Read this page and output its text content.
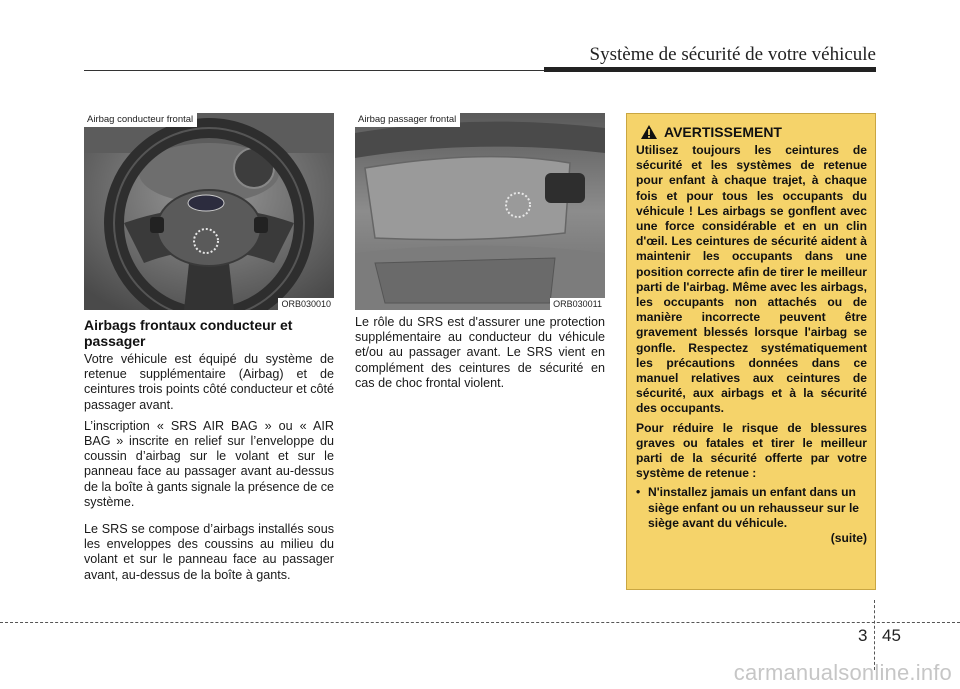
Système de sécurité de votre véhicule
Airbag conducteur frontal
ORB030010
Airbag passager frontal
ORB030011
Airbags frontaux conducteur et passager

Votre véhicule est équipé du système de retenue supplémentaire (Airbag) et de ceintures trois points côté conducteur et côté passager avant.

L’inscription « SRS AIR BAG » ou « AIR BAG » inscrite en relief sur l’enveloppe du coussin d’airbag sur le volant et sur le panneau face au passager avant au-dessus de la boîte à gants signale la présence de ce système.

Le SRS se compose d’airbags installés sous les enveloppes des coussins au milieu du volant et sur le panneau face au passager avant, au-dessus de la boîte à gants.

Le rôle du SRS est d'assurer une protection supplémentaire au conducteur du véhicule et/ou au passager avant. Le SRS vient en complément des ceintures de sécurité en cas de choc frontal violent.

AVERTISSEMENT

Utilisez toujours les ceintures de sécurité et les systèmes de retenue pour enfant à chaque trajet, à chaque fois et pour tous les occupants du véhicule ! Les airbags se gonflent avec une force considérable et en un clin d'œil. Les ceintures de sécurité aident à maintenir les occupants dans une position correcte afin de tirer le meilleur parti de l'airbag. Même avec les airbags, les occupants non attachés ou de manière incorrecte peuvent être gravement blessés lorsque l'airbag se gonfle. Respectez systématiquement les précautions données dans ce manuel relatives aux ceintures de sécurité, aux airbags et à la sécurité des occupants.

Pour réduire le risque de blessures graves ou fatales et tirer le meilleur parti de la sécurité offerte par votre système de retenue :

• N'installez jamais un enfant dans un siège enfant ou un rehausseur sur le siège avant du véhicule.

(suite)

3 45
carmanualsonline.info
